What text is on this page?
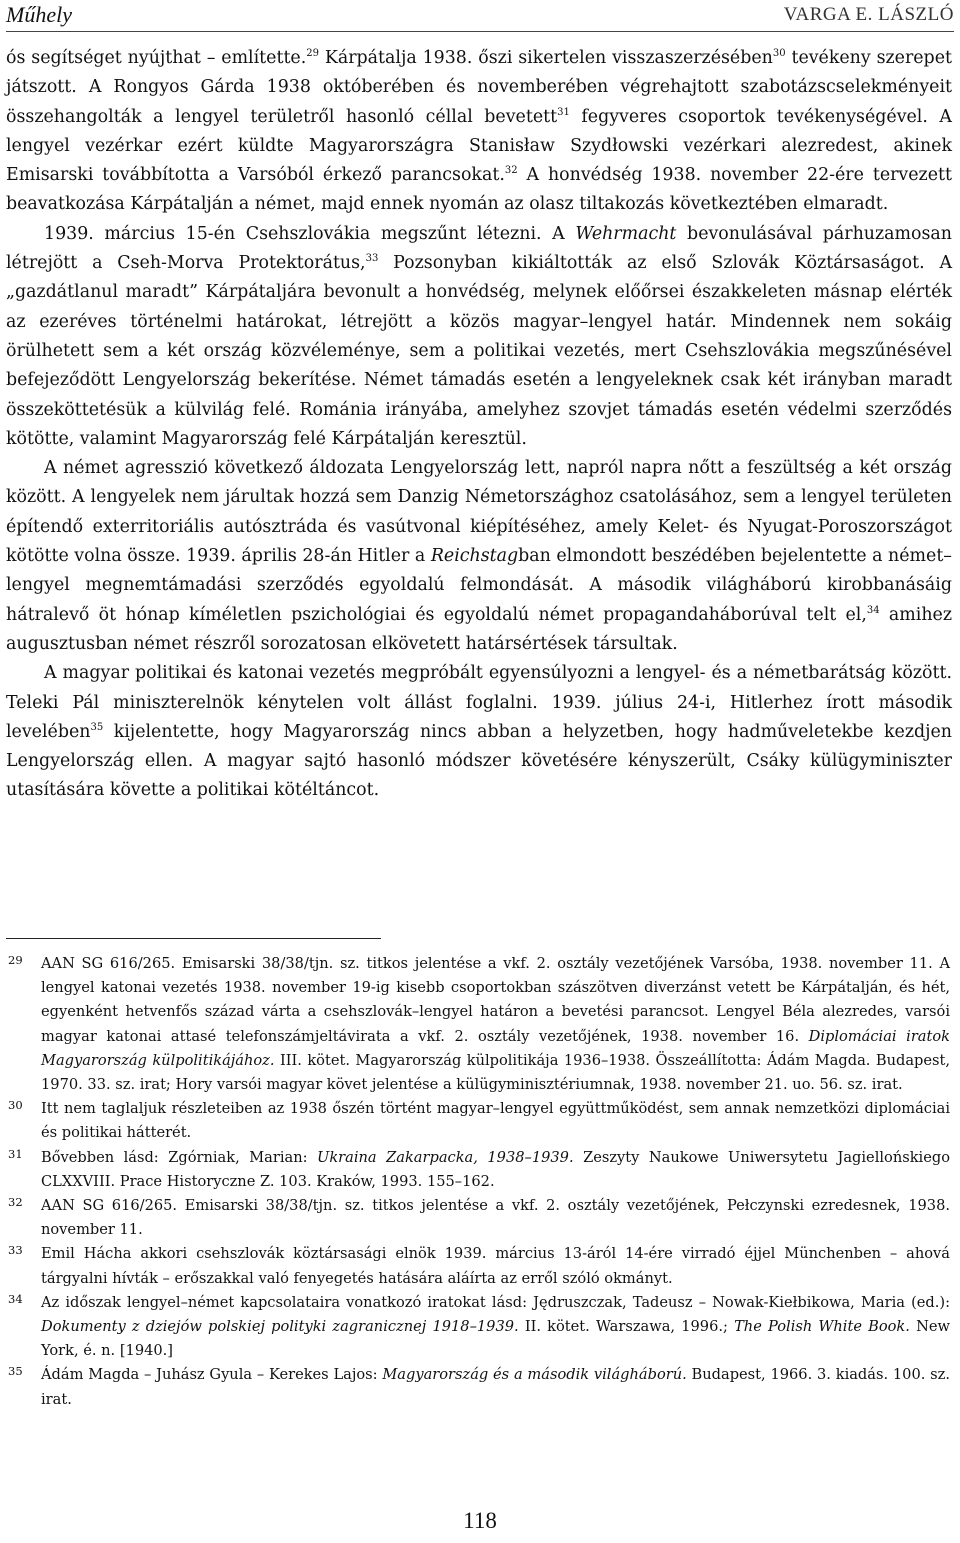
Műhely	VARGA E. LÁSZLÓ

ós segítséget nyújthat – említette.$^{29}$ Kárpátalja 1938. őszi sikertelen visszaszerzésében$^{30}$ tevékeny szerepet játszott. A Rongyos Gárda 1938 októberében és novemberében végrehajtott szabotázscselekményeit összehangolták a lengyel területről hasonló céllal bevetett$^{31}$ fegyveres csoportok tevékenységével. A lengyel vezérkar ezért küldte Magyarországra Stanisław Szydłowski vezérkari alezredest, akinek Emisarski továbbította a Varsóból érkező parancsokat.$^{32}$ A honvédség 1938. november 22-ére tervezett beavatkozása Kárpátalján a német, majd ennek nyomán az olasz tiltakozás következtében elmaradt.

1939. március 15-én Csehszlovákia megszűnt létezni. A Wehrmacht bevonulásával párhuzamosan létrejött a Cseh-Morva Protektorátus,$^{33}$ Pozsonyban kikiáltották az első Szlovák Köztársaságot. A „gazdátlanul maradt” Kárpátaljára bevonult a honvédség, melynek előőrsei északkeleten másnap elérték az ezeréves történelmi határokat, létrejött a közös magyar–lengyel határ. Mindennek nem sokáig örülhetett sem a két ország közvéleménye, sem a politikai vezetés, mert Csehszlovákia megszűnésével befejeződött Lengyelország bekerítése. Német támadás esetén a lengyeleknek csak két irányban maradt összeköttetésük a külvilág felé. Románia irányába, amelyhez szovjet támadás esetén védelmi szerződés kötötte, valamint Magyarország felé Kárpátalján keresztül.

A német agresszió következő áldozata Lengyelország lett, napról napra nőtt a feszültség a két ország között. A lengyelek nem járultak hozzá sem Danzig Németországhoz csatolásához, sem a lengyel területen építendő exterritoriális autósztráda és vasútvonal kiépítéséhez, amely Kelet- és Nyugat-Poroszországot kötötte volna össze. 1939. április 28-án Hitler a Reichstagban elmondott beszédében bejelentette a német–lengyel megnemtámadási szerződés egyoldalú felmondását. A második világháború kirobbanásáig hátralevő öt hónap kíméletlen pszichológiai és egyoldalú német propagandaháborúval telt el,$^{34}$ amihez augusztusban német részről sorozatosan elkövetett határsértések társultak.

A magyar politikai és katonai vezetés megpróbált egyensúlyozni a lengyel- és a németbarátság között. Teleki Pál miniszterelnök kénytelen volt állást foglalni. 1939. július 24-i, Hitlerhez írott második levelében$^{35}$ kijelentette, hogy Magyarország nincs abban a helyzetben, hogy hadműveletekbe kezdjen Lengyelország ellen. A magyar sajtó hasonló módszer követésére kényszerült, Csáky külügyminiszter utasítására követte a politikai kötéltáncot.

29 AAN SG 616/265. Emisarski 38/38/tjn. sz. titkos jelentése a vkf. 2. osztály vezetőjének Varsóba, 1938. november 11. A lengyel katonai vezetés 1938. november 19-ig kisebb csoportokban szászötven diverzánst vetett be Kárpátalján, és hét, egyenként hetvenfős század várta a csehszlovák–lengyel határon a bevetési parancsot. Lengyel Béla alezredes, varsói magyar katonai attasé telefonszámjeltávirata a vkf. 2. osztály vezetőjének, 1938. november 16. Diplomáciai iratok Magyarország külpolitikájához. III. kötet. Magyarország külpolitikája 1936–1938. Összeállította: Ádám Magda. Budapest, 1970. 33. sz. irat; Hory varsói magyar követ jelentése a külügyminisztériumnak, 1938. november 21. uo. 56. sz. irat.

30 Itt nem taglaljuk részleteiben az 1938 őszén történt magyar–lengyel együttműködést, sem annak nemzetközi diplomáciai és politikai hátterét.

31 Bővebben lásd: Zgórniak, Marian: Ukraina Zakarpacka, 1938–1939. Zeszyty Naukowe Uniwersytetu Jagiellońskiego CLXXVIII. Prace Historyczne Z. 103. Kraków, 1993. 155–162.

32 AAN SG 616/265. Emisarski 38/38/tjn. sz. titkos jelentése a vkf. 2. osztály vezetőjének, Pełczynski ezredesnek, 1938. november 11.

33 Emil Hácha akkori csehszlovák köztársasági elnök 1939. március 13-áról 14-ére virradó éjjel Münchenben – ahová tárgyalni hívták – erőszakkal való fenyegetés hatására aláírta az erről szóló okmányt.

34 Az időszak lengyel–német kapcsolataira vonatkozó iratokat lásd: Jędruszczak, Tadeusz – Nowak-Kiełbikowa, Maria (ed.): Dokumenty z dziejów polskiej polityki zagranicznej 1918–1939. II. kötet. Warszawa, 1996.; The Polish White Book. New York, é. n. [1940.]

35 Ádám Magda – Juhász Gyula – Kerekes Lajos: Magyarország és a második világháború. Budapest, 1966. 3. kiadás. 100. sz. irat.

118
